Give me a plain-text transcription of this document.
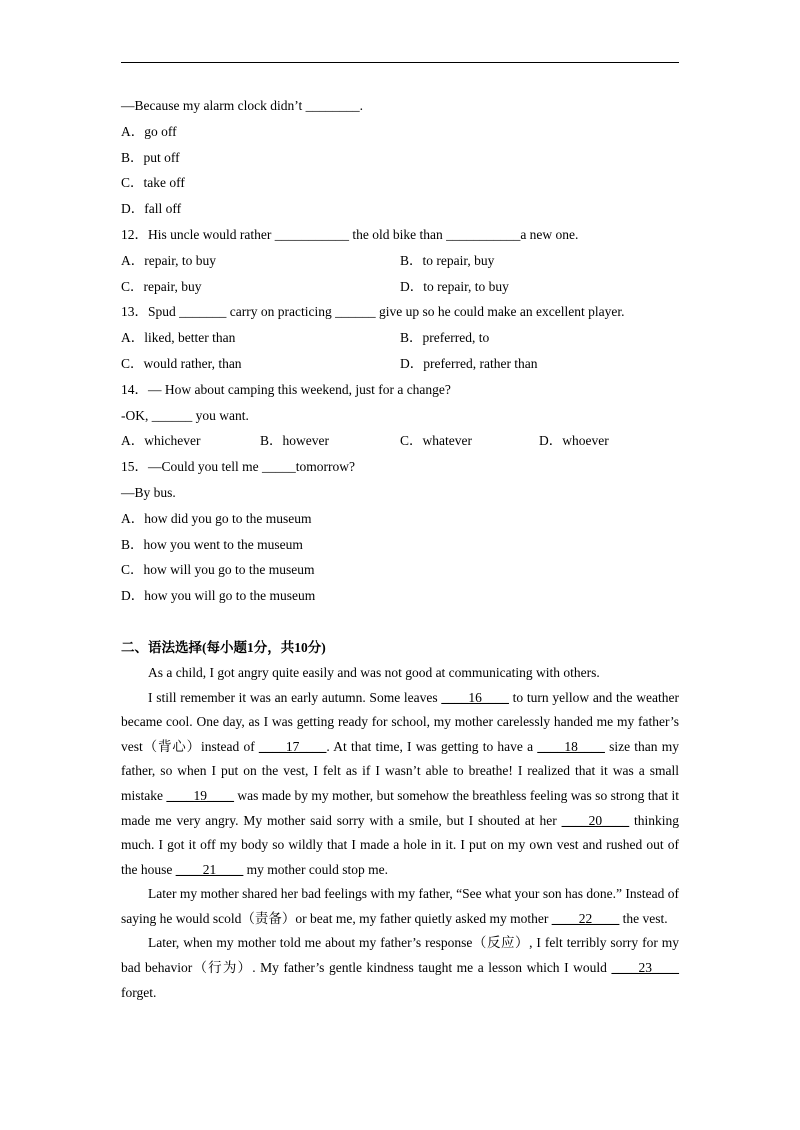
—Because my alarm clock didn’t ________.
A．go off
B．put off
C．take off
D．fall off
12．His uncle would rather ___________ the old bike than ___________a new one.
A．repair, to buy	B．to repair, buy
C．repair, buy	D．to repair, to buy
13．Spud _______ carry on practicing ______ give up so he could make an excellent player.
A．liked, better than	B．preferred, to
C．would rather, than	D．preferred, rather than
14．— How about camping this weekend, just for a change?
-OK, ______ you want.
A．whichever	B．however	C．whatever	D．whoever
15．—Could you tell me _____tomorrow?
—By bus.
A．how did you go to the museum
B．how you went to the museum
C．how will you go to the museum
D．how you will go to the museum
二、语法选择(每小题1分，共10分)

As a child, I got angry quite easily and was not good at communicating with others.

I still remember it was an early autumn. Some leaves ____16____ to turn yellow and the weather became cool. One day, as I was getting ready for school, my mother carelessly handed me my father’s vest（背心）instead of ____17____. At that time, I was getting to have a ____18____ size than my father, so when I put on the vest, I felt as if I wasn’t able to breathe! I realized that it was a small mistake ____19____ was made by my mother, but somehow the breathless feeling was so strong that it made me very angry. My mother said sorry with a smile, but I shouted at her ____20____ thinking much. I got it off my body so wildly that I made a hole in it. I put on my own vest and rushed out of the house ____21____ my mother could stop me.

Later my mother shared her bad feelings with my father, “See what your son has done.” Instead of saying he would scold（责备）or beat me, my father quietly asked my mother ____22____ the vest.

Later, when my mother told me about my father’s response（反应）, I felt terribly sorry for my bad behavior（行为）. My father’s gentle kindness taught me a lesson which I would ____23____ forget.
